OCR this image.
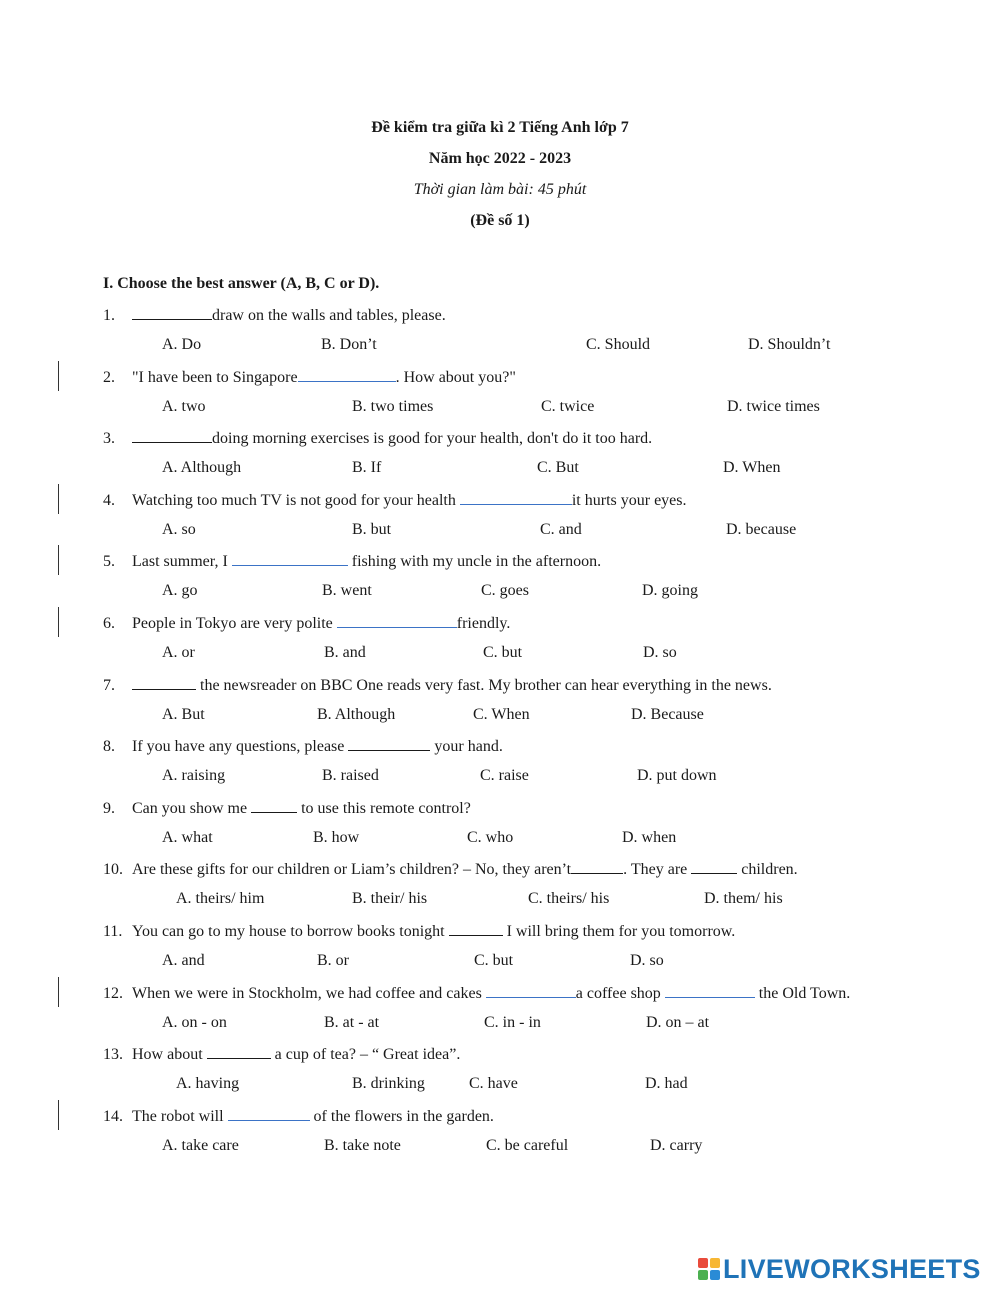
Đề kiểm tra giữa kì 2 Tiếng Anh lớp 7
Năm học 2022 - 2023
Thời gian làm bài: 45 phút
(Đề số 1)
I. Choose the best answer (A, B, C or D).
1.	draw on the walls and tables, please.
A. Do	B. Don’t	C. Should	D. Shouldn’t
2. "I have been to Singapore	. How about you?"
A. two	B. two times	C. twice	D. twice times
3.	doing morning exercises is good for your health, don't do it too hard.
A. Although	B. If	C. But	D. When
4. Watching too much TV is not good for your health	it hurts your eyes.
A. so	B. but	C. and	D. because
5. Last summer, I	fishing with my uncle in the afternoon.
A. go	B. went	C. goes	D. going
6. People in Tokyo are very polite	friendly.
A. or	B. and	C. but	D. so
7.	the newsreader on BBC One reads very fast. My brother can hear everything in the news.
A. But	B. Although	C. When	D. Because
8. If you have any questions, please	your hand.
A. raising	B. raised	C. raise	D. put down
9. Can you show me	to use this remote control?
A. what	B. how	C. who	D. when
10. Are these gifts for our children or Liam’s children? – No, they aren’t	. They are	children.
A. theirs/ him	B. their/ his	C. theirs/ his	D. them/ his
11. You can go to my house to borrow books tonight	I will bring them for you tomorrow.
A. and	B. or	C. but	D. so
12. When we were in Stockholm, we had coffee and cakes	a coffee shop	the Old Town.
A. on - on	B. at - at	C. in - in	D. on – at
13. How about	a cup of tea? – “ Great idea”.
A. having	B. drinking	C. have	D. had
14. The robot will	of the flowers in the garden.
A. take care	B. take note	C. be careful	D. carry
LIVEWORKSHEETS
